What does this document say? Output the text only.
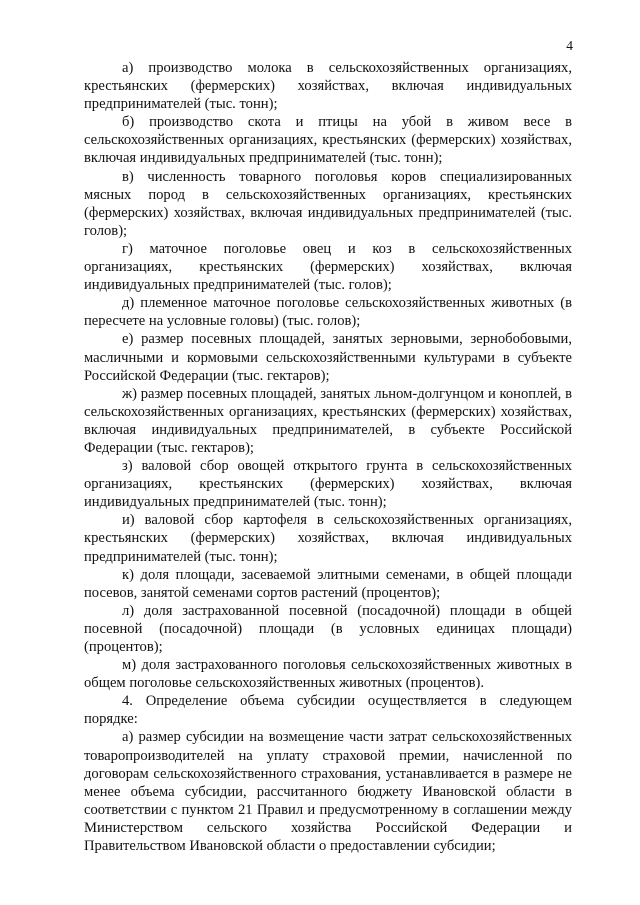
4

а) производство молока в сельскохозяйственных организациях, крестьянских (фермерских) хозяйствах, включая индивидуальных предпринимателей (тыс. тонн);

б) производство скота и птицы на убой в живом весе в сельскохозяйственных организациях, крестьянских (фермерских) хозяйствах, включая индивидуальных предпринимателей (тыс. тонн);

в) численность товарного поголовья коров специализированных мясных пород в сельскохозяйственных организациях, крестьянских (фермерских) хозяйствах, включая индивидуальных предпринимателей (тыс. голов);

г) маточное поголовье овец и коз в сельскохозяйственных организациях, крестьянских (фермерских) хозяйствах, включая индивидуальных предпринимателей (тыс. голов);

д) племенное маточное поголовье сельскохозяйственных животных (в пересчете на условные головы) (тыс. голов);

е) размер посевных площадей, занятых зерновыми, зернобобовыми, масличными и кормовыми сельскохозяйственными культурами в субъекте Российской Федерации (тыс. гектаров);

ж) размер посевных площадей, занятых льном-долгунцом и коноплей, в сельскохозяйственных организациях, крестьянских (фермерских) хозяйствах, включая индивидуальных предпринимателей, в субъекте Российской Федерации (тыс. гектаров);

з) валовой сбор овощей открытого грунта в сельскохозяйственных организациях, крестьянских (фермерских) хозяйствах, включая индивидуальных предпринимателей (тыс. тонн);

и) валовой сбор картофеля в сельскохозяйственных организациях, крестьянских (фермерских) хозяйствах, включая индивидуальных предпринимателей (тыс. тонн);

к) доля площади, засеваемой элитными семенами, в общей площади посевов, занятой семенами сортов растений (процентов);

л) доля застрахованной посевной (посадочной) площади в общей посевной (посадочной) площади (в условных единицах площади) (процентов);

м) доля застрахованного поголовья сельскохозяйственных животных в общем поголовье сельскохозяйственных животных (процентов).

4. Определение объема субсидии осуществляется в следующем порядке:

а) размер субсидии на возмещение части затрат сельскохозяйственных товаропроизводителей на уплату страховой премии, начисленной по договорам сельскохозяйственного страхования, устанавливается в размере не менее объема субсидии, рассчитанного бюджету Ивановской области в соответствии с пунктом 21 Правил и предусмотренному в соглашении между Министерством сельского хозяйства Российской Федерации и Правительством Ивановской области о предоставлении субсидии;
